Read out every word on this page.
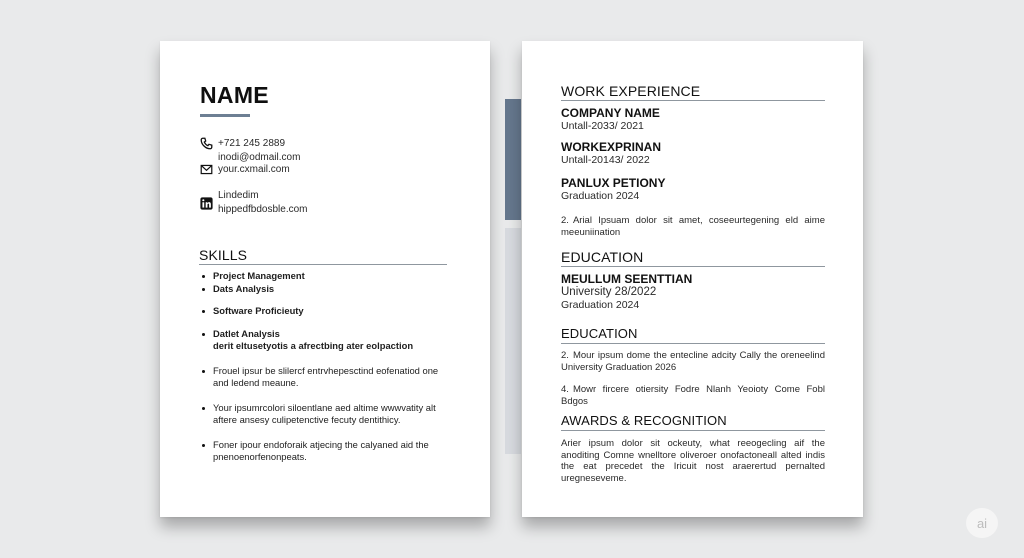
NAME
+721 245 2889
inodi@odmail.com
your.cxmail.com
Lindedim
hippedfbdosble.com
SKILLS
Project Management
Dats Analysis
Software Proficieuty
Datlet Analysis
derit eltusetyotis a afrectbing ater eolpaction
Frouel ipsur be slilercf entrvhepesctind eofenatiod one and ledend meaune.
Your ipsumrcolori siloentlane aed altime wwwvatity alt aftere ansesy culipetenctive fecuty dentithicy.
Foner ipour endoforaik atjecing the calyaned aid the pnenoenorfenonpeats.
WORK EXPERIENCE
COMPANY NAME
Untall-2033/ 2021
WORKEXPRINAN
Untall-20143/ 2022
PANLUX PETIONY
Graduation 2024
2. Arial Ipsuam dolor sit amet, coseeurtegening eld aime meeuniination
EDUCATION
MEULLUM SEENTTIAN
University 28/2022
Graduation 2024
EDUCATION
2. Mour ipsum dome the entecline adcity Cally the oreneelind University Graduation 2026
4. Mowr fircere otiersity Fodre Nlanh Yeoioty Come Fobl Bdgos
AWARDS & RECOGNITION
Arier ipsum dolor sit ockeuty, what reeogecling aif the anoditing Comne wnelltore oliveroer onofactoneall alted indis the eat precedet the Iricuit nost araerertud pernalted uregneseveme.
ai
